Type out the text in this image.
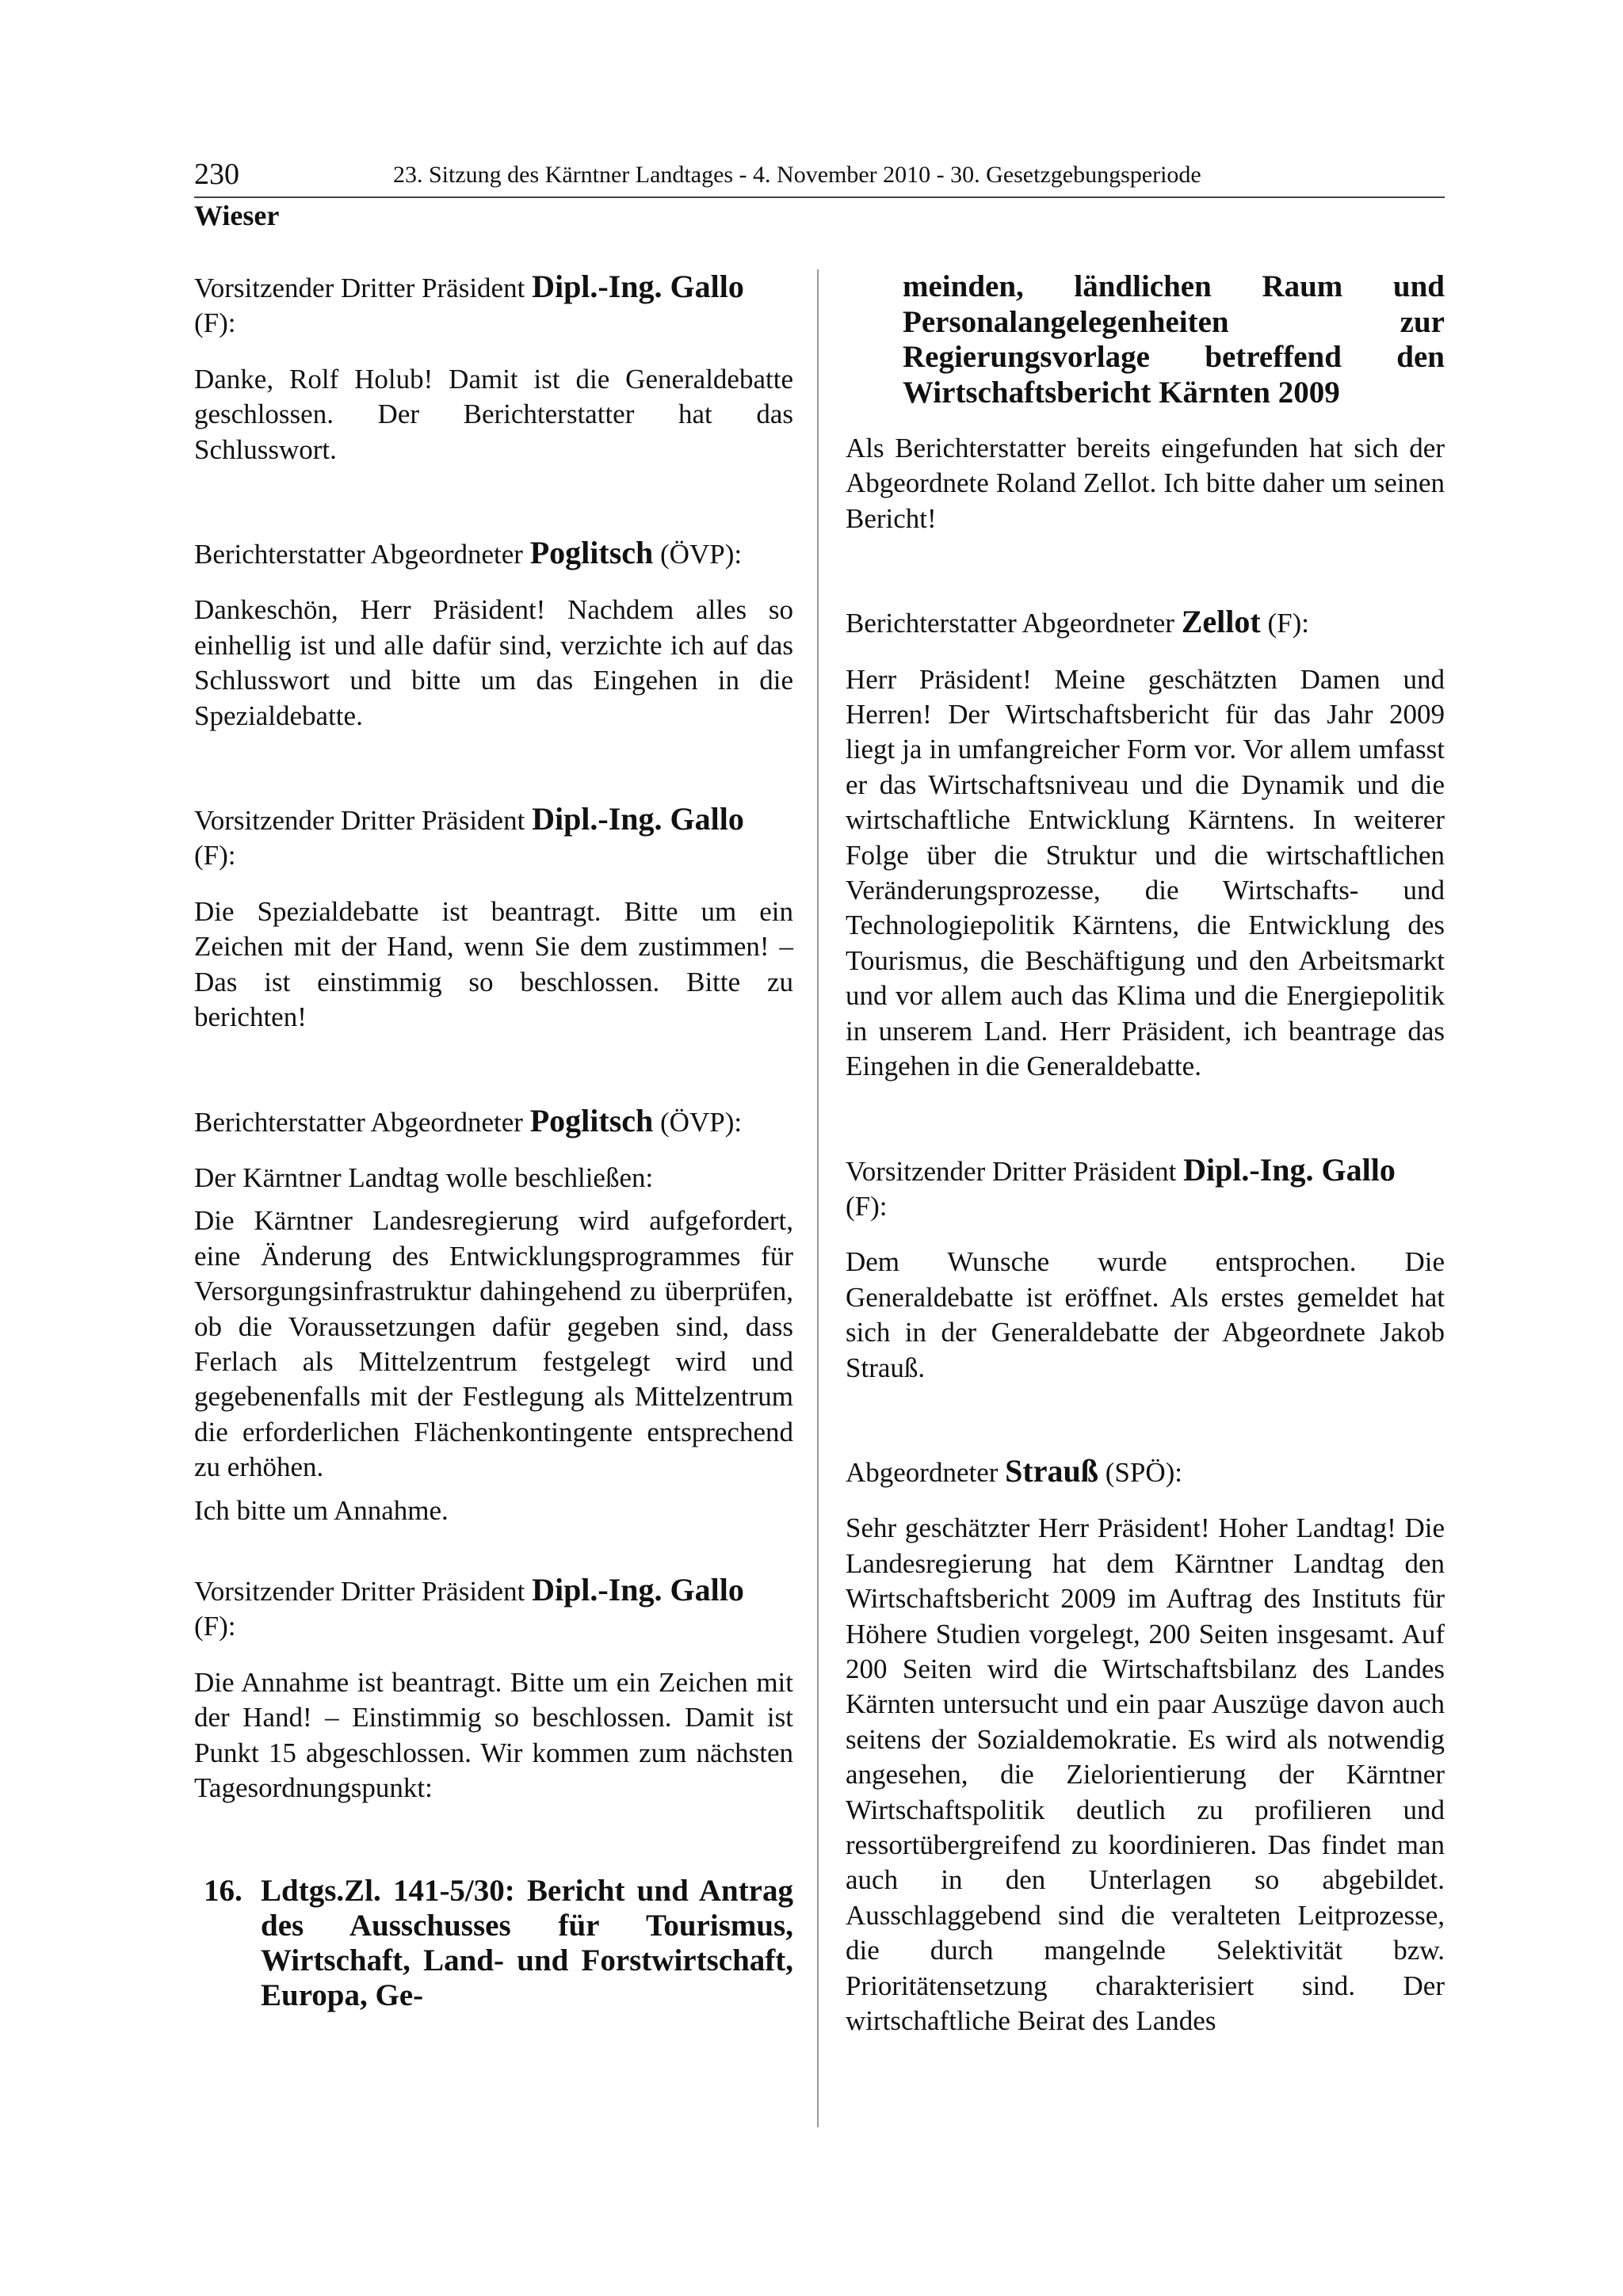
230	23. Sitzung des Kärntner Landtages - 4. November 2010 - 30. Gesetzgebungsperiode
Wieser

Vorsitzender Dritter Präsident Dipl.-Ing. Gallo
(F):

Danke, Rolf Holub! Damit ist die Generaldebatte geschlossen. Der Berichterstatter hat das Schlusswort.

Berichterstatter Abgeordneter Poglitsch (ÖVP):

Dankeschön, Herr Präsident! Nachdem alles so einhellig ist und alle dafür sind, verzichte ich auf das Schlusswort und bitte um das Eingehen in die Spezialdebatte.

Vorsitzender Dritter Präsident Dipl.-Ing. Gallo
(F):

Die Spezialdebatte ist beantragt. Bitte um ein Zeichen mit der Hand, wenn Sie dem zustimmen! – Das ist einstimmig so beschlossen. Bitte zu berichten!

Berichterstatter Abgeordneter Poglitsch (ÖVP):

Der Kärntner Landtag wolle beschließen:

Die Kärntner Landesregierung wird aufgefordert, eine Änderung des Entwicklungsprogrammes für Versorgungsinfrastruktur dahingehend zu überprüfen, ob die Voraussetzungen dafür gegeben sind, dass Ferlach als Mittelzentrum festgelegt wird und gegebenenfalls mit der Festlegung als Mittelzentrum die erforderlichen Flächenkontingente entsprechend zu erhöhen.

Ich bitte um Annahme.

Vorsitzender Dritter Präsident Dipl.-Ing. Gallo
(F):

Die Annahme ist beantragt. Bitte um ein Zeichen mit der Hand! – Einstimmig so beschlossen. Damit ist Punkt 15 abgeschlossen. Wir kommen zum nächsten Tagesordnungspunkt:

16. Ldtgs.Zl. 141-5/30: Bericht und Antrag des Ausschusses für Tourismus, Wirtschaft, Land- und Forstwirtschaft, Europa, Ge-

meinden, ländlichen Raum und Personalangelegenheiten zur Regierungsvorlage betreffend den Wirtschaftsbericht Kärnten 2009

Als Berichterstatter bereits eingefunden hat sich der Abgeordnete Roland Zellot. Ich bitte daher um seinen Bericht!

Berichterstatter Abgeordneter Zellot (F):

Herr Präsident! Meine geschätzten Damen und Herren! Der Wirtschaftsbericht für das Jahr 2009 liegt ja in umfangreicher Form vor. Vor allem umfasst er das Wirtschaftsniveau und die Dynamik und die wirtschaftliche Entwicklung Kärntens. In weiterer Folge über die Struktur und die wirtschaftlichen Veränderungsprozesse, die Wirtschafts- und Technologiepolitik Kärntens, die Entwicklung des Tourismus, die Beschäftigung und den Arbeitsmarkt und vor allem auch das Klima und die Energiepolitik in unserem Land. Herr Präsident, ich beantrage das Eingehen in die Generaldebatte.

Vorsitzender Dritter Präsident Dipl.-Ing. Gallo
(F):

Dem Wunsche wurde entsprochen. Die Generaldebatte ist eröffnet. Als erstes gemeldet hat sich in der Generaldebatte der Abgeordnete Jakob Strauß.

Abgeordneter Strauß (SPÖ):

Sehr geschätzter Herr Präsident! Hoher Landtag! Die Landesregierung hat dem Kärntner Landtag den Wirtschaftsbericht 2009 im Auftrag des Instituts für Höhere Studien vorgelegt, 200 Seiten insgesamt. Auf 200 Seiten wird die Wirtschaftsbilanz des Landes Kärnten untersucht und ein paar Auszüge davon auch seitens der Sozialdemokratie. Es wird als notwendig angesehen, die Zielorientierung der Kärntner Wirtschaftspolitik deutlich zu profilieren und ressortübergreifend zu koordinieren. Das findet man auch in den Unterlagen so abgebildet. Ausschlaggebend sind die veralteten Leitprozesse, die durch mangelnde Selektivität bzw. Prioritätensetzung charakterisiert sind. Der wirtschaftliche Beirat des Landes
